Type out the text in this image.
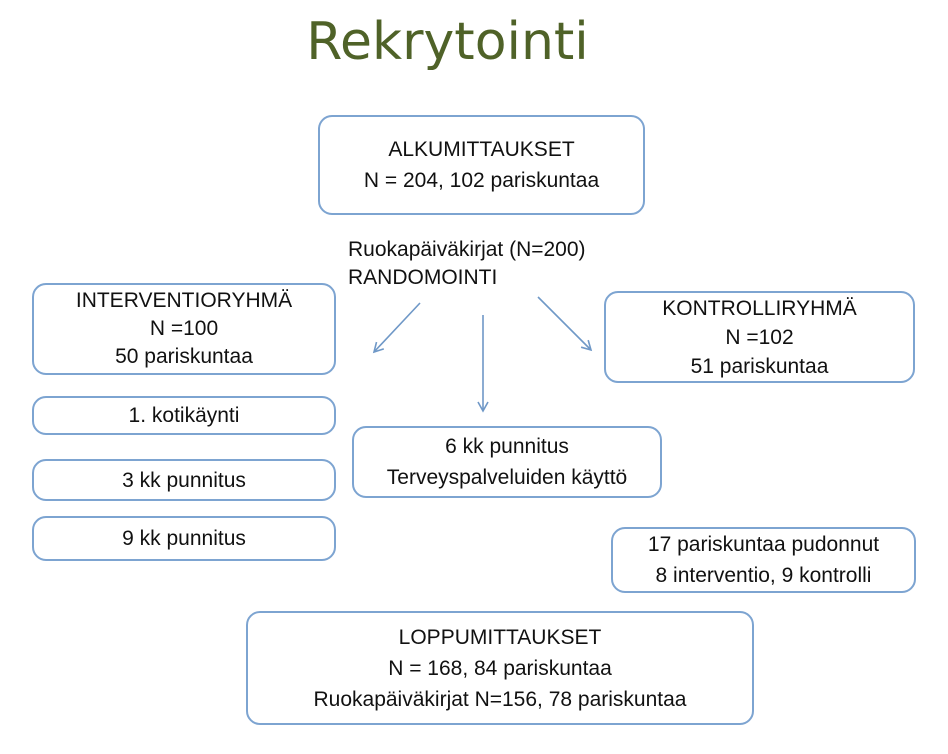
Rekrytointi
ALKUMITTAUKSET
N = 204, 102 pariskuntaa
Ruokapäiväkirjat (N=200)
RANDOMOINTI
INTERVENTIORYHMÄ
N =100
50 pariskuntaa
KONTROLLIRYHMÄ
N =102
51 pariskuntaa
1. kotikäynti
3 kk punnitus
9 kk punnitus
6 kk punnitus
Terveyspalveluiden käyttö
17 pariskuntaa pudonnut
8 interventio, 9 kontrolli
LOPPUMITTAUKSET
N = 168, 84 pariskuntaa
Ruokapäiväkirjat N=156, 78 pariskuntaa
